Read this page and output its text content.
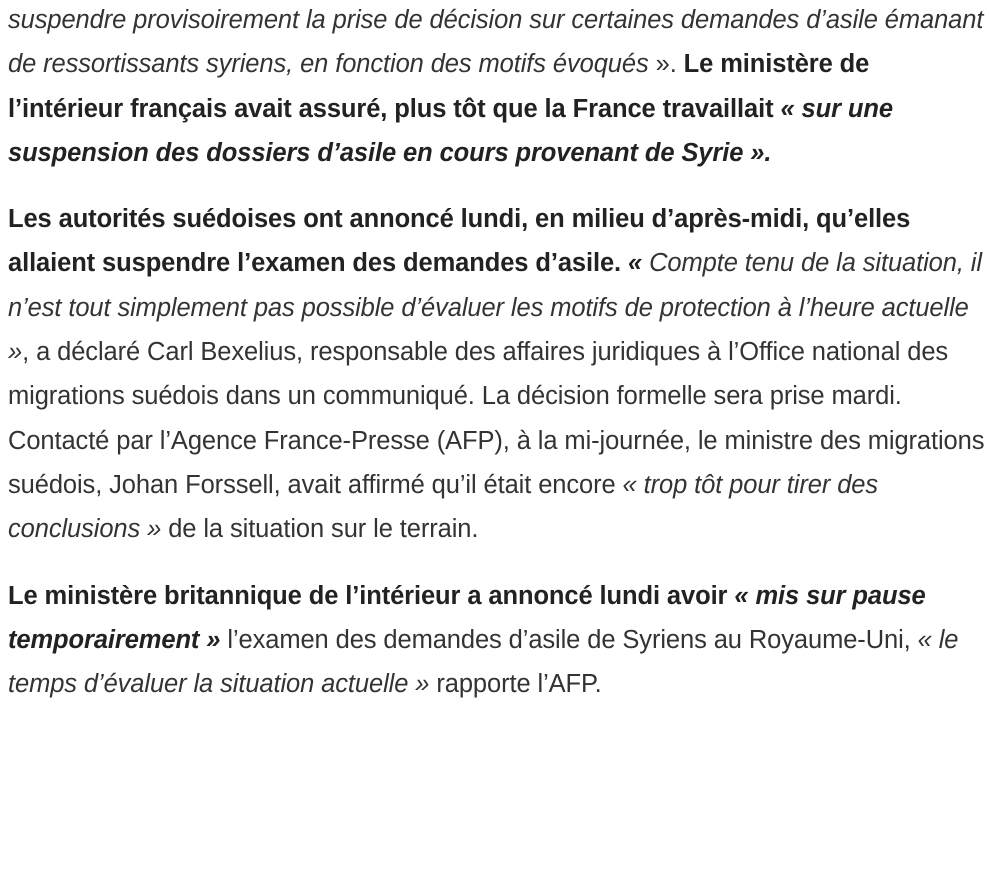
suspendre provisoirement la prise de décision sur certaines demandes d’asile émanant de ressortissants syriens, en fonction des motifs évoqués ». Le ministère de l’intérieur français avait assuré, plus tôt que la France travaillait « sur une suspension des dossiers d’asile en cours provenant de Syrie ».

Les autorités suédoises ont annoncé lundi, en milieu d’après-midi, qu’elles allaient suspendre l’examen des demandes d’asile. « Compte tenu de la situation, il n’est tout simplement pas possible d’évaluer les motifs de protection à l’heure actuelle », a déclaré Carl Bexelius, responsable des affaires juridiques à l’Office national des migrations suédois dans un communiqué. La décision formelle sera prise mardi. Contacté par l’Agence France-Presse (AFP), à la mi-journée, le ministre des migrations suédois, Johan Forssell, avait affirmé qu’il était encore « trop tôt pour tirer des conclusions » de la situation sur le terrain.

Le ministère britannique de l’intérieur a annoncé lundi avoir « mis sur pause temporairement » l’examen des demandes d’asile de Syriens au Royaume-Uni, « le temps d’évaluer la situation actuelle » rapporte l’AFP.
